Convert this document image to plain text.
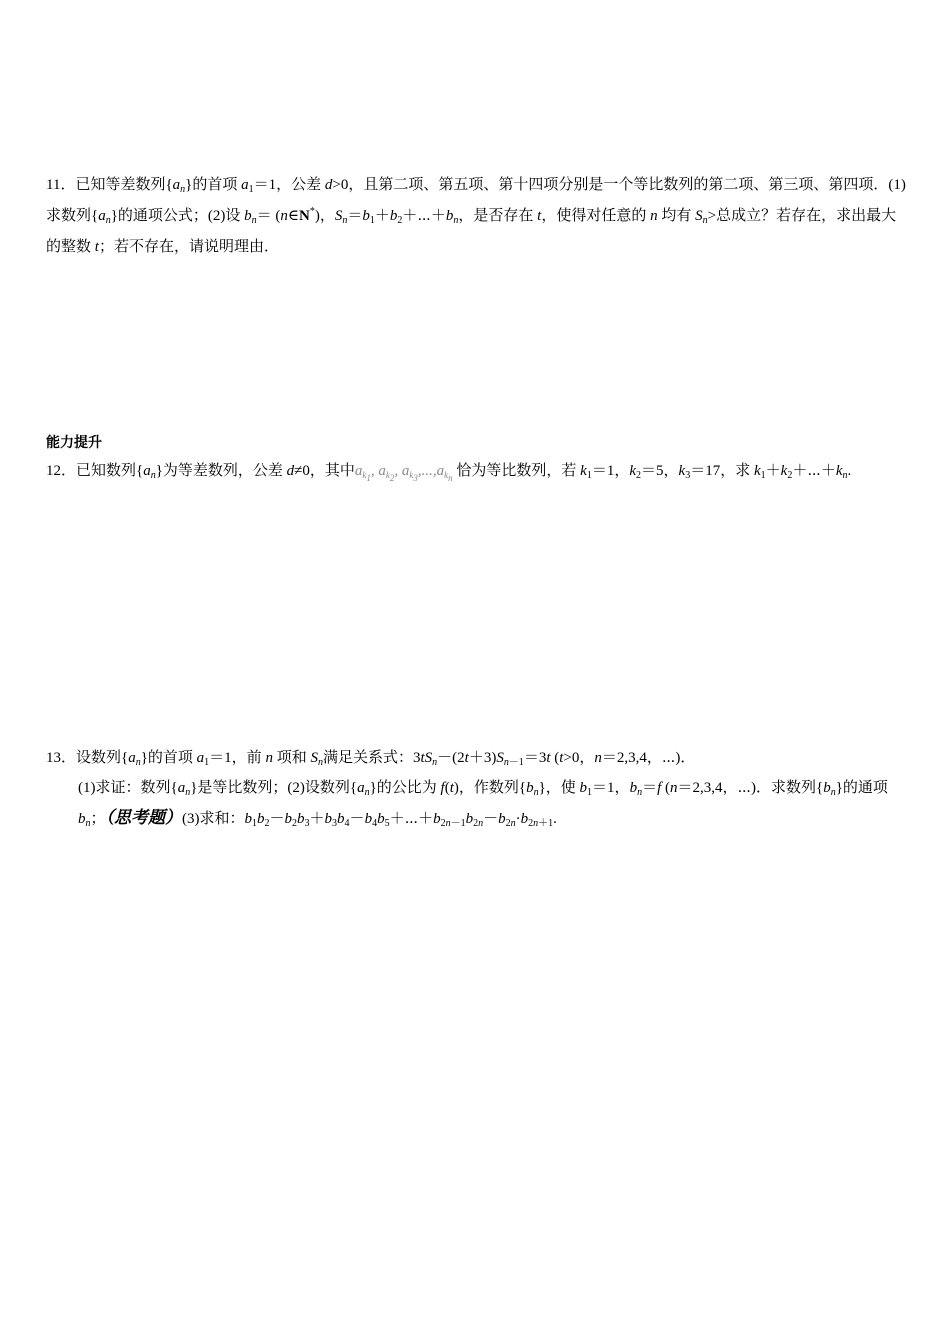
11．已知等差数列$\{a_n\}$的首项 $a_1=1$，公差 d>0，且第二项、第五项、第十四项分别是一个等比数列的第二项、第三项、第四项．(1)求数列$\{a_n\}$的通项公式；(2)设 $b_n=$ (n∈N*)，$S_n=b_1+b_2+\cdots+b_n$，是否存在 t，使得对任意的 n 均有 $S_n>$总成立？若存在，求出最大的整数 t；若不存在，请说明理由．
能力提升
12．已知数列$\{a_n\}$为等差数列，公差 d≠0，其中$a_{k_1}$, $a_{k_2}$, $a_{k_3},...,a_{k_n}$ 恰为等比数列，若 $k_1=1$，$k_2=5$，$k_3=17$，求 $k_1+k_2+\cdots+k_n$.
13．设数列$\{a_n\}$的首项 $a_1=1$，前 n 项和 $S_n$满足关系式：$3tS_n-(2t+3)S_{n-1}=3t$ (t>0，n＝2,3,4，⋯)．
(1)求证：数列$\{a_n\}$是等比数列；(2)设数列$\{a_n\}$的公比为 f(t)，作数列$\{b_n\}$，使 $b_1=1$，$b_n=f$ (n＝2,3,4，⋯)．求数列$\{b_n\}$的通项 $b_n$；（思考题）(3)求和：$b_1b_2-b_2b_3+b_3b_4-b_4b_5+\cdots+b_{2n-1}b_{2n}-b_{2n}\cdot b_{2n+1}$.
